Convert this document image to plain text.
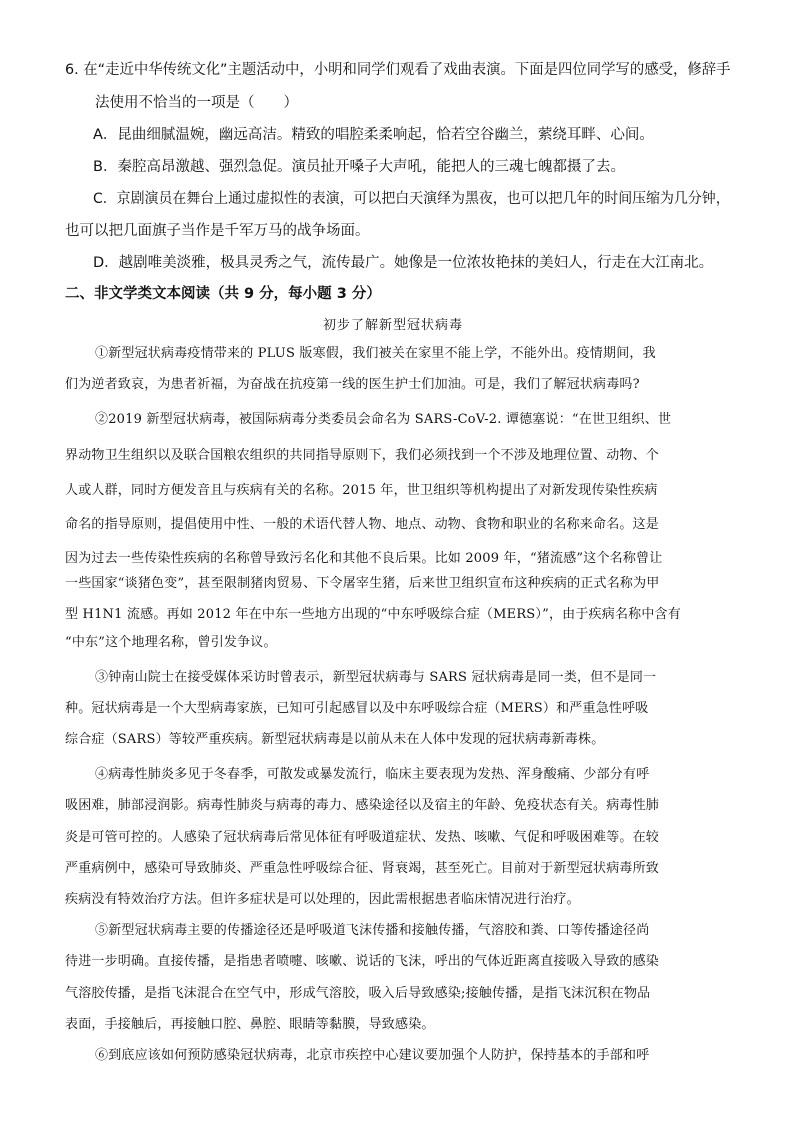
6. 在“走近中华传统文化”主题活动中，小明和同学们观看了戏曲表演。下面是四位同学写的感受，修辞手
法使用不恰当的一项是（　　）
A．昆曲细腻温婉，幽远高洁。精致的唱腔柔柔响起，恰若空谷幽兰，萦绕耳畔、心间。
B．秦腔高昂激越、强烈急促。演员扯开嗓子大声吼，能把人的三魂七魄都摄了去。
C．京剧演员在舞台上通过虚拟性的表演，可以把白天演绎为黑夜，也可以把几年的时间压缩为几分钟，
也可以把几面旗子当作是千军万马的战争场面。
D．越剧唯美淡雅，极具灵秀之气，流传最广。她像是一位浓妆艳抹的美妇人，行走在大江南北。
二、非文学类文本阅读（共 9 分，每小题 3 分）
初步了解新型冠状病毒
①新型冠状病毒疫情带来的 PLUS 版寒假，我们被关在家里不能上学，不能外出。疫情期间，我
们为逆者致哀，为患者祈福，为奋战在抗疫第一线的医生护士们加油。可是，我们了解冠状病毒吗?
②2019 新型冠状病毒，被国际病毒分类委员会命名为 SARS-CoV-2. 谭德塞说：“在世卫组织、世
界动物卫生组织以及联合国粮农组织的共同指导原则下，我们必须找到一个不涉及地理位置、动物、个
人或人群，同时方便发音且与疾病有关的名称。2015 年，世卫组织等机构提出了对新发现传染性疾病
命名的指导原则，提倡使用中性、一般的术语代替人物、地点、动物、食物和职业的名称来命名。这是
因为过去一些传染性疾病的名称曾导致污名化和其他不良后果。比如 2009 年，“猪流感”这个名称曾让
一些国家“谈猪色变”，甚至限制猪肉贸易、下令屠宰生猪，后来世卫组织宣布这种疾病的正式名称为甲
型 H1N1 流感。再如 2012 年在中东一些地方出现的“中东呼吸综合症（MERS）”，由于疾病名称中含有
“中东”这个地理名称，曾引发争议。
③钟南山院士在接受媒体采访时曾表示，新型冠状病毒与 SARS 冠状病毒是同一类，但不是同一
种。冠状病毒是一个大型病毒家族，已知可引起感冒以及中东呼吸综合症（MERS）和严重急性呼吸
综合症（SARS）等较严重疾病。新型冠状病毒是以前从未在人体中发现的冠状病毒新毒株。
④病毒性肺炎多见于冬春季，可散发或暴发流行，临床主要表现为发热、浑身酸痛、少部分有呼
吸困难，肺部浸润影。病毒性肺炎与病毒的毒力、感染途径以及宿主的年龄、免疫状态有关。病毒性肺
炎是可管可控的。人感染了冠状病毒后常见体征有呼吸道症状、发热、咳嗽、气促和呼吸困难等。在较
严重病例中，感染可导致肺炎、严重急性呼吸综合征、肾衰竭，甚至死亡。目前对于新型冠状病毒所致
疾病没有特效治疗方法。但许多症状是可以处理的，因此需根据患者临床情况进行治疗。
⑤新型冠状病毒主要的传播途径还是呼吸道飞沫传播和接触传播，气溶胶和粪、口等传播途径尚
待进一步明确。直接传播，是指患者喷嚏、咳嗽、说话的飞沫，呼出的气体近距离直接吸入导致的感染
气溶胶传播，是指飞沫混合在空气中，形成气溶胶，吸入后导致感染;接触传播，是指飞沫沉积在物品
表面，手接触后，再接触口腔、鼻腔、眼睛等黏膜，导致感染。
⑥到底应该如何预防感染冠状病毒，北京市疾控中心建议要加强个人防护，保持基本的手部和呼
